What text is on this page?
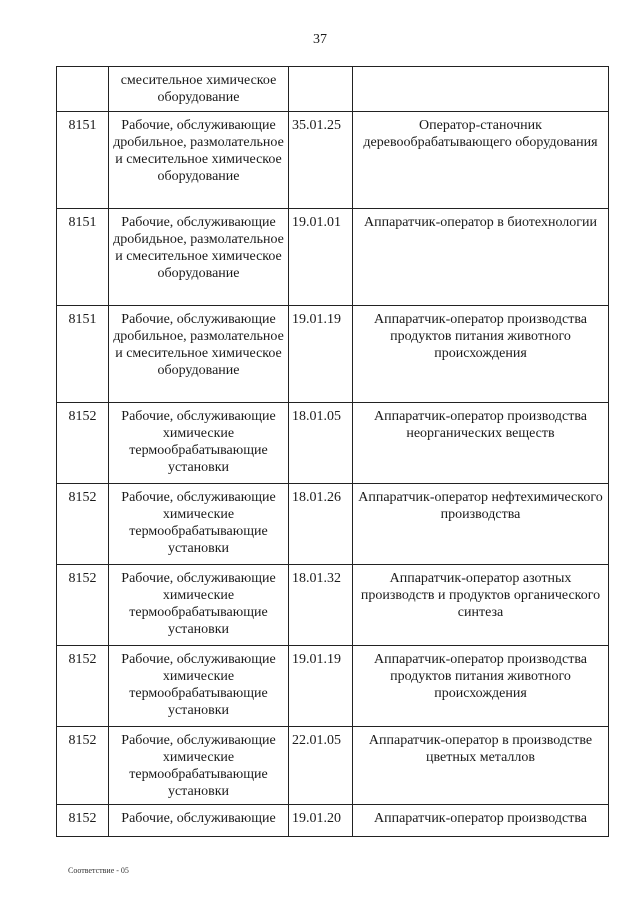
37
	смесительное химическое оборудование		
8151	Рабочие, обслуживающие дробильное, размолательное и смесительное химическое оборудование	35.01.25	Оператор-станочник деревообрабатывающего оборудования
8151	Рабочие, обслуживающие дробидьное, размолательное и смесительное химическое оборудование	19.01.01	Аппаратчик-оператор в биотехнологии
8151	Рабочие, обслуживающие дробильное, размолательное и смесительное химическое оборудование	19.01.19	Аппаратчик-оператор производства продуктов питания животного происхождения
8152	Рабочие, обслуживающие химические термообрабатывающие установки	18.01.05	Аппаратчик-оператор производства неорганических веществ
8152	Рабочие, обслуживающие химические термообрабатывающие установки	18.01.26	Аппаратчик-оператор нефтехимического производства
8152	Рабочие, обслуживающие химические термообрабатывающие установки	18.01.32	Аппаратчик-оператор азотных производств и продуктов органического синтеза
8152	Рабочие, обслуживающие химические термообрабатывающие установки	19.01.19	Аппаратчик-оператор производства продуктов питания животного происхождения
8152	Рабочие, обслуживающие химические термообрабатывающие установки	22.01.05	Аппаратчик-оператор в производстве цветных металлов
8152	Рабочие, обслуживающие	19.01.20	Аппаратчик-оператор производства
Соответствие - 05
